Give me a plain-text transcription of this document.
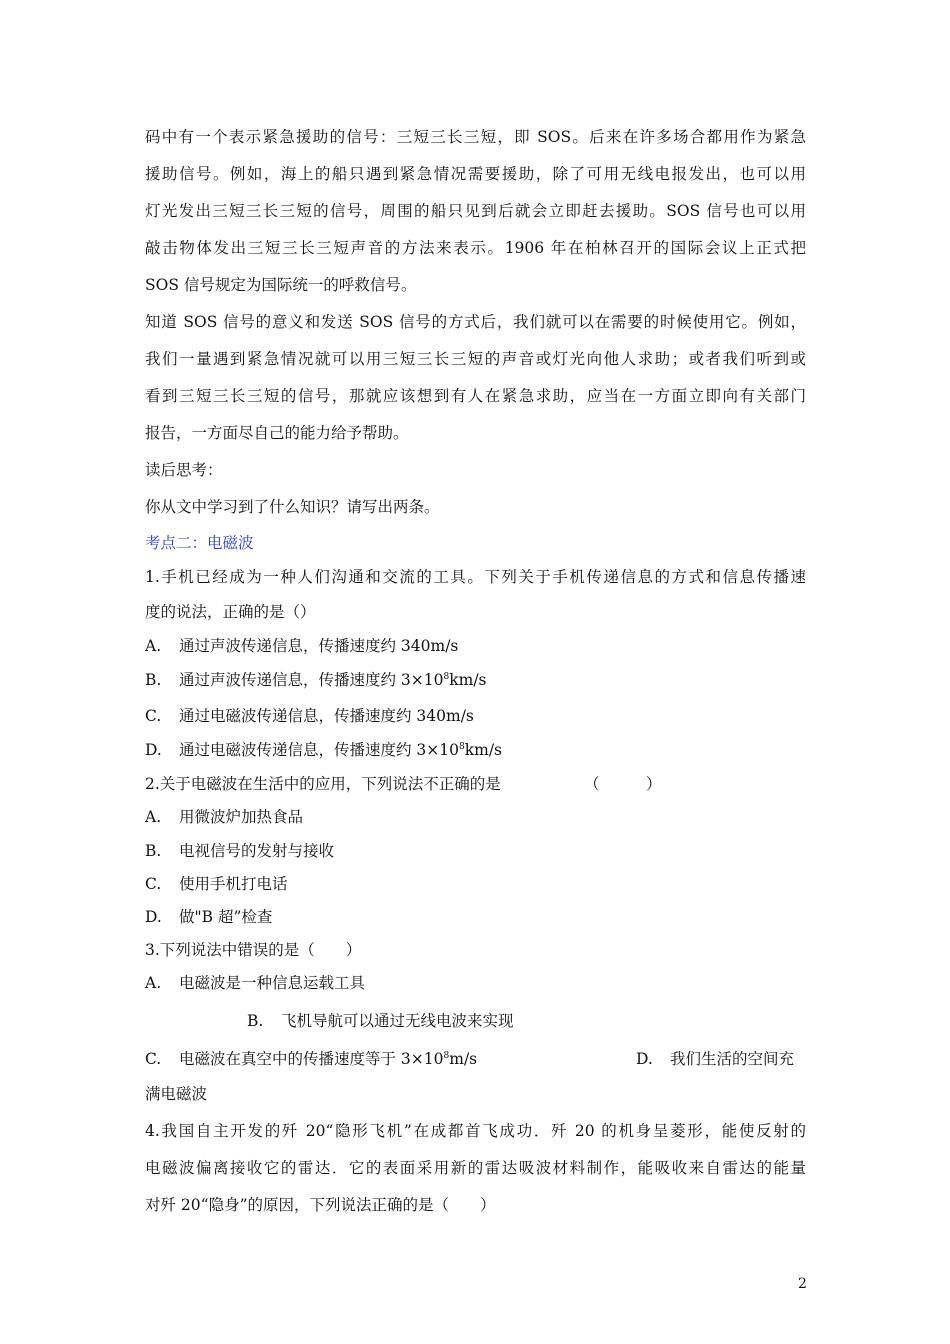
码中有一个表示紧急援助的信号：三短三长三短，即 SOS。后来在许多场合都用作为紧急
援助信号。例如，海上的船只遇到紧急情况需要援助，除了可用无线电报发出，也可以用
灯光发出三短三长三短的信号，周围的船只见到后就会立即赶去援助。SOS 信号也可以用
敲击物体发出三短三长三短声音的方法来表示。1906 年在柏林召开的国际会议上正式把
SOS 信号规定为国际统一的呼救信号。
知道 SOS 信号的意义和发送 SOS 信号的方式后，我们就可以在需要的时候使用它。例如，
我们一量遇到紧急情况就可以用三短三长三短的声音或灯光向他人求助；或者我们听到或
看到三短三长三短的信号，那就应该想到有人在紧急求助，应当在一方面立即向有关部门
报告，一方面尽自己的能力给予帮助。
读后思考：
你从文中学习到了什么知识？请写出两条。
考点二：电磁波
1.手机已经成为一种人们沟通和交流的工具。下列关于手机传递信息的方式和信息传播速
度的说法，正确的是（）
A. 通过声波传递信息，传播速度约 340m/s
B. 通过声波传递信息，传播速度约 $3\times 10^8km/s$
C. 通过电磁波传递信息，传播速度约 340m/s
D. 通过电磁波传递信息，传播速度约 $3\times 10^8km/s$
2.关于电磁波在生活中的应用，下列说法不正确的是	（　　　）
A. 用微波炉加热食品
B. 电视信号的发射与接收
C. 使用手机打电话
D. 做"B 超”检查
3.下列说法中错误的是（　　）
A. 电磁波是一种信息运载工具
B. 飞机导航可以通过无线电波来实现
C. 电磁波在真空中的传播速度等于 $3\times 10^8m/s$	D. 我们生活的空间充
满电磁波
4.我国自主开发的歼 20“隐形飞机”在成都首飞成功．歼 20 的机身呈菱形，能使反射的
电磁波偏离接收它的雷达．它的表面采用新的雷达吸波材料制作，能吸收来自雷达的能量
对歼 20“隐身”的原因，下列说法正确的是（　　）
2
